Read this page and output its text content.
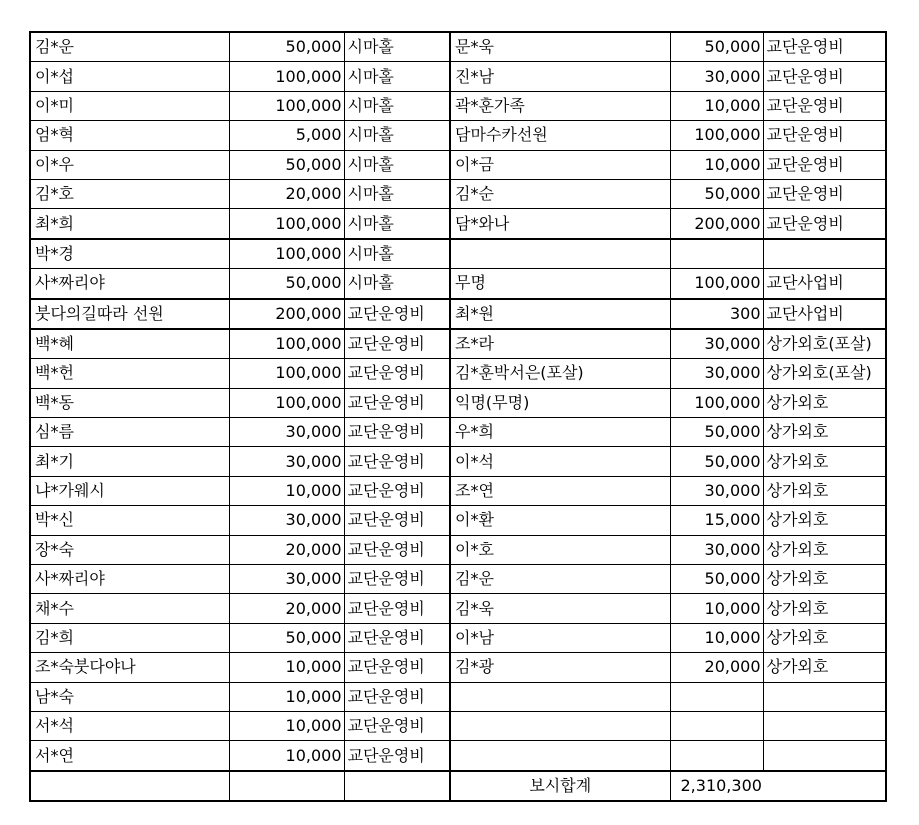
김*운	50,000	시마홀	문*욱	50,000	교단운영비
이*섭	100,000	시마홀	진*남	30,000	교단운영비
이*미	100,000	시마홀	곽*훈가족	10,000	교단운영비
엄*혁	5,000	시마홀	담마수카선원	100,000	교단운영비
이*우	50,000	시마홀	이*금	10,000	교단운영비
김*호	20,000	시마홀	김*순	50,000	교단운영비
최*희	100,000	시마홀	담*와나	200,000	교단운영비
박*경	100,000	시마홀			
사*짜리야	50,000	시마홀	무명	100,000	교단사업비
붓다의길따라 선원	200,000	교단운영비	최*원	300	교단사업비
백*혜	100,000	교단운영비	조*라	30,000	상가외호(포살)
백*헌	100,000	교단운영비	김*훈박서은(포살)	30,000	상가외호(포살)
백*동	100,000	교단운영비	익명(무명)	100,000	상가외호
심*름	30,000	교단운영비	우*희	50,000	상가외호
최*기	30,000	교단운영비	이*석	50,000	상가외호
냐*가웨시	10,000	교단운영비	조*연	30,000	상가외호
박*신	30,000	교단운영비	이*환	15,000	상가외호
장*숙	20,000	교단운영비	이*호	30,000	상가외호
사*짜리야	30,000	교단운영비	김*운	50,000	상가외호
채*수	20,000	교단운영비	김*욱	10,000	상가외호
김*희	50,000	교단운영비	이*남	10,000	상가외호
조*숙붓다야나	10,000	교단운영비	김*광	20,000	상가외호
남*숙	10,000	교단운영비			
서*석	10,000	교단운영비			
서*연	10,000	교단운영비			
			보시합계	2,310,300	
